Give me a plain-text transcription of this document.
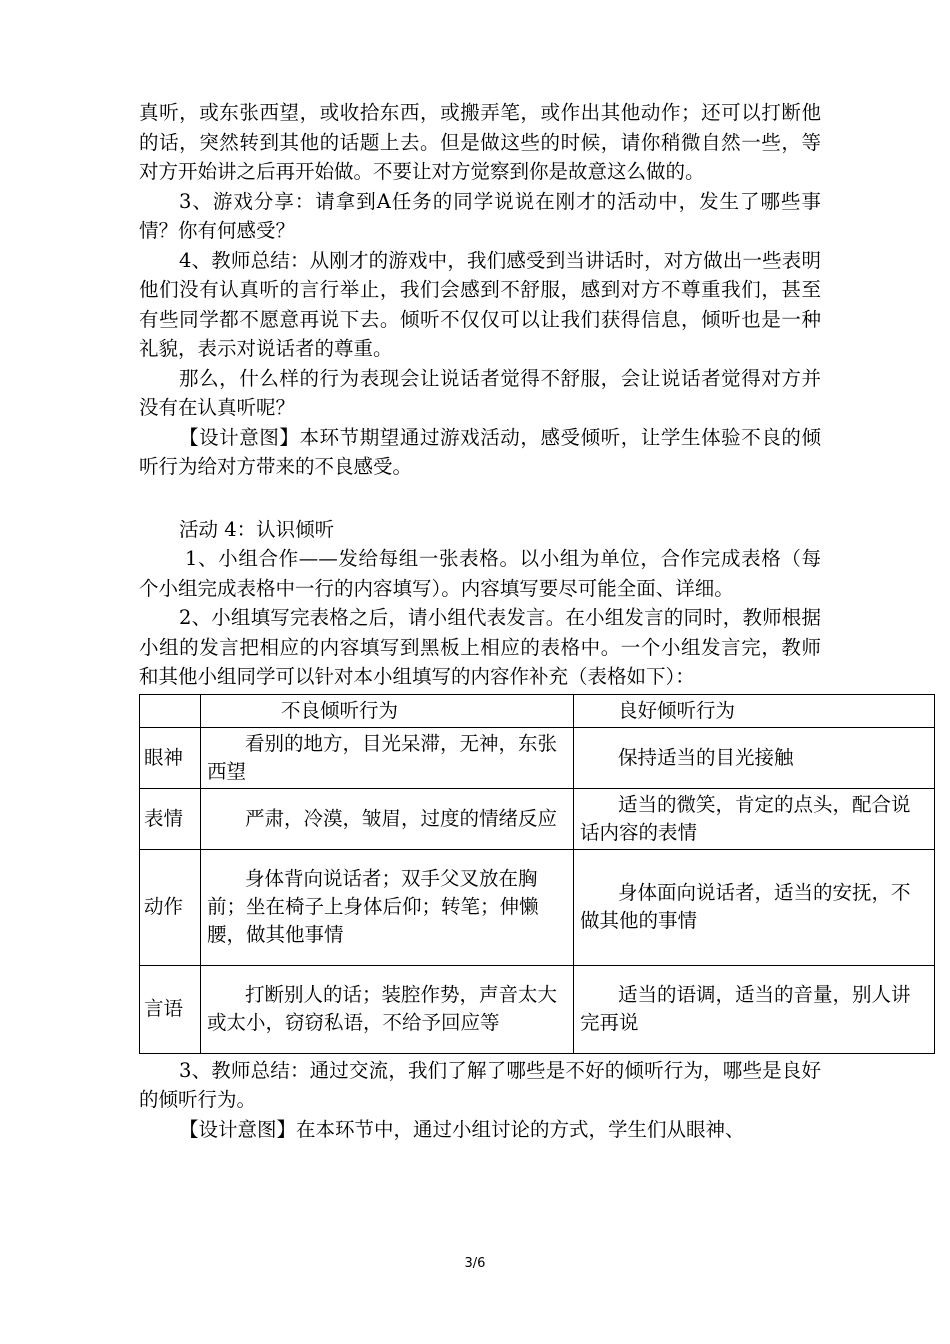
真听，或东张西望，或收拾东西，或搬弄笔，或作出其他动作；还可以打断他的话，突然转到其他的话题上去。但是做这些的时候，请你稍微自然一些，等对方开始讲之后再开始做。不要让对方觉察到你是故意这么做的。

3、游戏分享：请拿到A任务的同学说说在刚才的活动中，发生了哪些事情？你有何感受？

4、教师总结：从刚才的游戏中，我们感受到当讲话时，对方做出一些表明他们没有认真听的言行举止，我们会感到不舒服，感到对方不尊重我们，甚至有些同学都不愿意再说下去。倾听不仅仅可以让我们获得信息，倾听也是一种礼貌，表示对说话者的尊重。

那么，什么样的行为表现会让说话者觉得不舒服，会让说话者觉得对方并没有在认真听呢？

【设计意图】本环节期望通过游戏活动，感受倾听，让学生体验不良的倾听行为给对方带来的不良感受。

活动 4：认识倾听

1、小组合作——发给每组一张表格。以小组为单位，合作完成表格（每个小组完成表格中一行的内容填写）。内容填写要尽可能全面、详细。

2、小组填写完表格之后，请小组代表发言。在小组发言的同时，教师根据小组的发言把相应的内容填写到黑板上相应的表格中。一个小组发言完，教师和其他小组同学可以针对本小组填写的内容作补充（表格如下）：

	不良倾听行为	良好倾听行为
眼神	看别的地方，目光呆滞，无神，东张西望	保持适当的目光接触

表情	严肃，冷漠，皱眉，过度的情绪反应	适当的微笑，肯定的点头，配合说话内容的表情

动作	身体背向说话者；双手父叉放在胸前；坐在椅子上身体后仰；转笔；伸懒腰，做其他事情	身体面向说话者，适当的安抚，不做其他的事情

言语	打断别人的话；装腔作势，声音太大或太小，窃窃私语，不给予回应等	适当的语调，适当的音量，别人讲完再说

3、教师总结：通过交流，我们了解了哪些是不好的倾听行为，哪些是良好的倾听行为。

【设计意图】在本环节中，通过小组讨论的方式，学生们从眼神、

3/6
